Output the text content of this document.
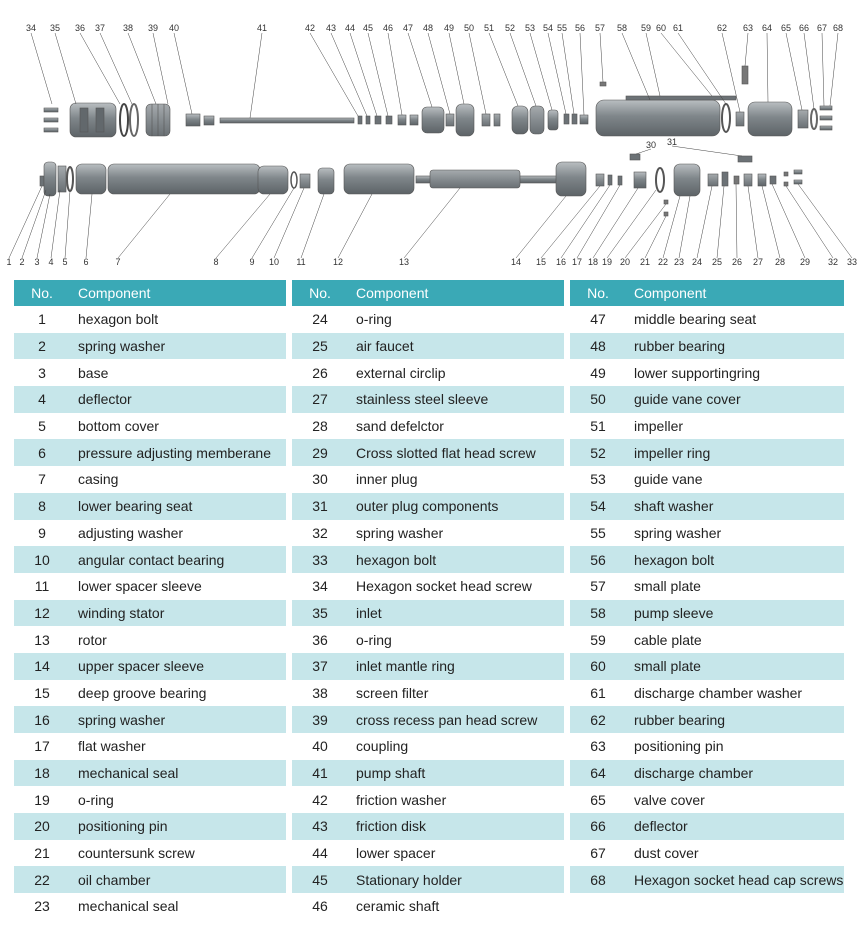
34 35 36 37 38 39 40	41	42 43 44 45 46 47 48 49 50 51 52 53 54 55 56 57 58 59 60 61	62 63 64 65 66 67 68
30 31
1 2 3 4 5 6	7	8	9 10 11	12	13	14 15 16 17 18 19 20 21 22 23 24 25 26 27 28 29 32 33
No.	Component
1	hexagon bolt
2	spring washer
3	base
4	deflector
5	bottom cover
6	pressure adjusting memberane
7	casing
8	lower bearing seat
9	adjusting washer
10	angular contact bearing
11	lower spacer sleeve
12	winding stator
13	rotor
14	upper spacer sleeve
15	deep groove bearing
16	spring washer
17	flat washer
18	mechanical seal
19	o-ring
20	positioning pin
21	countersunk screw
22	oil chamber
23	mechanical seal
No.	Component
24	o-ring
25	air faucet
26	external circlip
27	stainless steel sleeve
28	sand defelctor
29	Cross slotted flat head screw
30	inner plug
31	outer plug components
32	spring washer
33	hexagon bolt
34	Hexagon socket head screw
35	inlet
36	o-ring
37	inlet mantle ring
38	screen filter
39	cross recess pan head screw
40	coupling
41	pump shaft
42	friction washer
43	friction disk
44	lower spacer
45	Stationary holder
46	ceramic shaft
No.	Component
47	middle bearing seat
48	rubber bearing
49	lower supportingring
50	guide vane cover
51	impeller
52	impeller ring
53	guide vane
54	shaft washer
55	spring washer
56	hexagon bolt
57	small plate
58	pump sleeve
59	cable plate
60	small plate
61	discharge chamber washer
62	rubber bearing
63	positioning pin
64	discharge chamber
65	valve cover
66	deflector
67	dust cover
68	Hexagon socket head cap screws
